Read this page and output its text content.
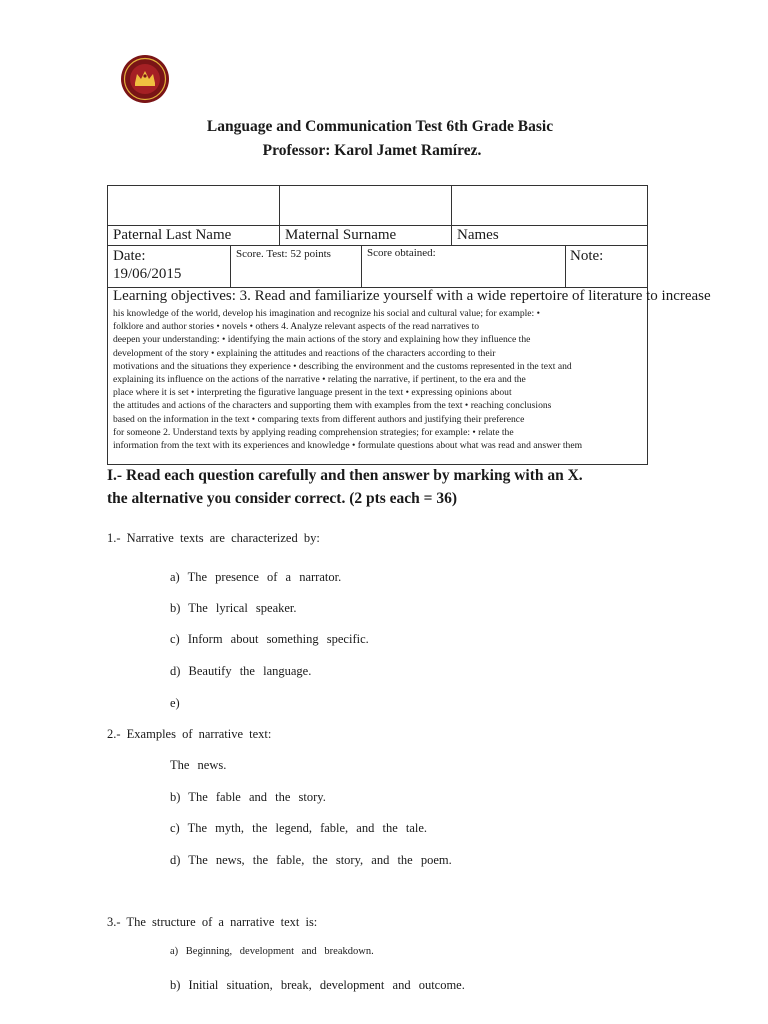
Language and Communication Test 6th Grade Basic
Professor: Karol Jamet Ramírez.
Paternal Last Name	Maternal Surname	Names
Date:
19/06/2015
Score. Test: 52 points	Score obtained:	Note:
Learning objectives: 3. Read and familiarize yourself with a wide repertoire of literature to increase
his knowledge of the world, develop his imagination and recognize his social and cultural value; for example: •
folklore and author stories • novels • others 4. Analyze relevant aspects of the read narratives to
deepen your understanding: • identifying the main actions of the story and explaining how they influence the
development of the story • explaining the attitudes and reactions of the characters according to their
motivations and the situations they experience • describing the environment and the customs represented in the text and
explaining its influence on the actions of the narrative • relating the narrative, if pertinent, to the era and the
place where it is set • interpreting the figurative language present in the text • expressing opinions about
the attitudes and actions of the characters and supporting them with examples from the text • reaching conclusions
based on the information in the text • comparing texts from different authors and justifying their preference
for someone 2. Understand texts by applying reading comprehension strategies; for example: • relate the
information from the text with its experiences and knowledge • formulate questions about what was read and answer them
I.- Read each question carefully and then answer by marking with an X.
the alternative you consider correct. (2 pts each = 36)
1.- Narrative texts are characterized by:
a) The presence of a narrator.
b) The lyrical speaker.
c) Inform about something specific.
d) Beautify the language.
e)
2.- Examples of narrative text:
The news.
b) The fable and the story.
c) The myth, the legend, fable, and the tale.
d) The news, the fable, the story, and the poem.
3.- The structure of a narrative text is:
a) Beginning, development and breakdown.
b) Initial situation, break, development and outcome.
